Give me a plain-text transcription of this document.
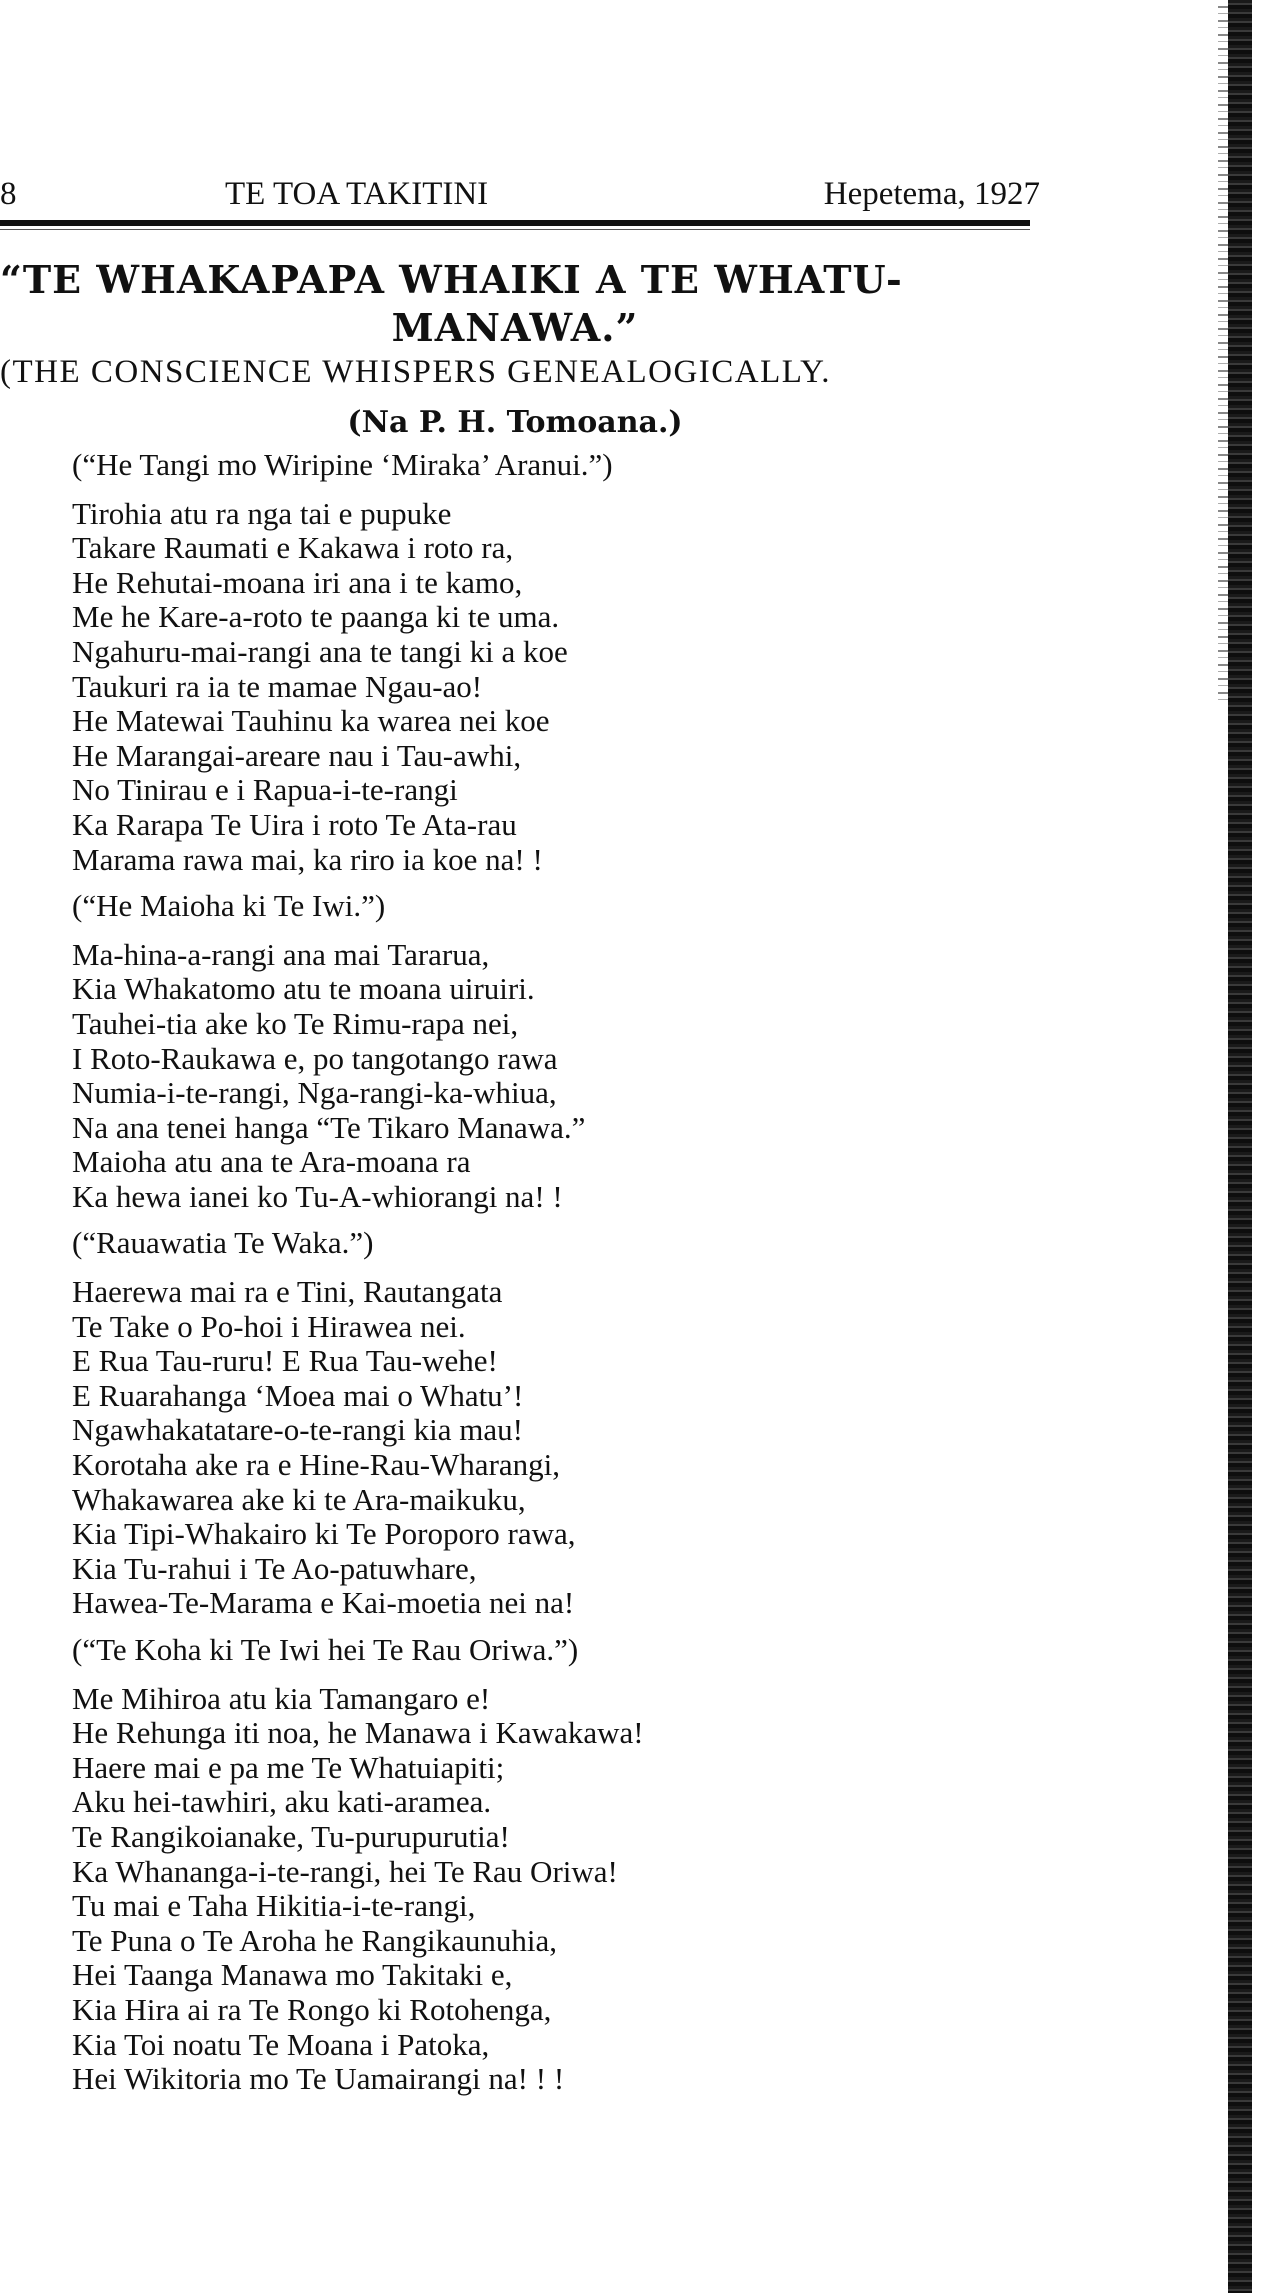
8	TE TOA TAKITINI	Hepetema, 1927
“TE WHAKAPAPA WHAIKI A TE WHATU-
MANAWA.”
(THE CONSCIENCE WHISPERS GENEALOGICALLY.
(Na P. H. Tomoana.)
(“He Tangi mo Wiripine ‘Miraka’ Aranui.”)
Tirohia atu ra nga tai e pupuke
Takare Raumati e Kakawa i roto ra,
He Rehutai-moana iri ana i te kamo,
Me he Kare-a-roto te paanga ki te uma.
Ngahuru-mai-rangi ana te tangi ki a koe
Taukuri ra ia te mamae Ngau-ao!
He Matewai Tauhinu ka warea nei koe
He Marangai-areare nau i Tau-awhi,
No Tinirau e i Rapua-i-te-rangi
Ka Rarapa Te Uira i roto Te Ata-rau
Marama rawa mai, ka riro ia koe na! !
(“He Maioha ki Te Iwi.”)
Ma-hina-a-rangi ana mai Tararua,
Kia Whakatomo atu te moana uiruiri.
Tauhei-tia ake ko Te Rimu-rapa nei,
I Roto-Raukawa e, po tangotango rawa
Numia-i-te-rangi, Nga-rangi-ka-whiua,
Na ana tenei hanga “Te Tikaro Manawa.”
Maioha atu ana te Ara-moana ra
Ka hewa ianei ko Tu-A-whiorangi na! !
(“Rauawatia Te Waka.”)
Haerewa mai ra e Tini, Rautangata
Te Take o Po-hoi i Hirawea nei.
E Rua Tau-ruru! E Rua Tau-wehe!
E Ruarahanga ‘Moea mai o Whatu’!
Ngawhakatatare-o-te-rangi kia mau!
Korotaha ake ra e Hine-Rau-Wharangi,
Whakawarea ake ki te Ara-maikuku,
Kia Tipi-Whakairo ki Te Poroporo rawa,
Kia Tu-rahui i Te Ao-patuwhare,
Hawea-Te-Marama e Kai-moetia nei na!
(“Te Koha ki Te Iwi hei Te Rau Oriwa.”)
Me Mihiroa atu kia Tamangaro e!
He Rehunga iti noa, he Manawa i Kawakawa!
Haere mai e pa me Te Whatuiapiti;
Aku hei-tawhiri, aku kati-aramea.
Te Rangikoianake, Tu-purupurutia!
Ka Whananga-i-te-rangi, hei Te Rau Oriwa!
Tu mai e Taha Hikitia-i-te-rangi,
Te Puna o Te Aroha he Rangikaunuhia,
Hei Taanga Manawa mo Takitaki e,
Kia Hira ai ra Te Rongo ki Rotohenga,
Kia Toi noatu Te Moana i Patoka,
Hei Wikitoria mo Te Uamairangi na! ! !
